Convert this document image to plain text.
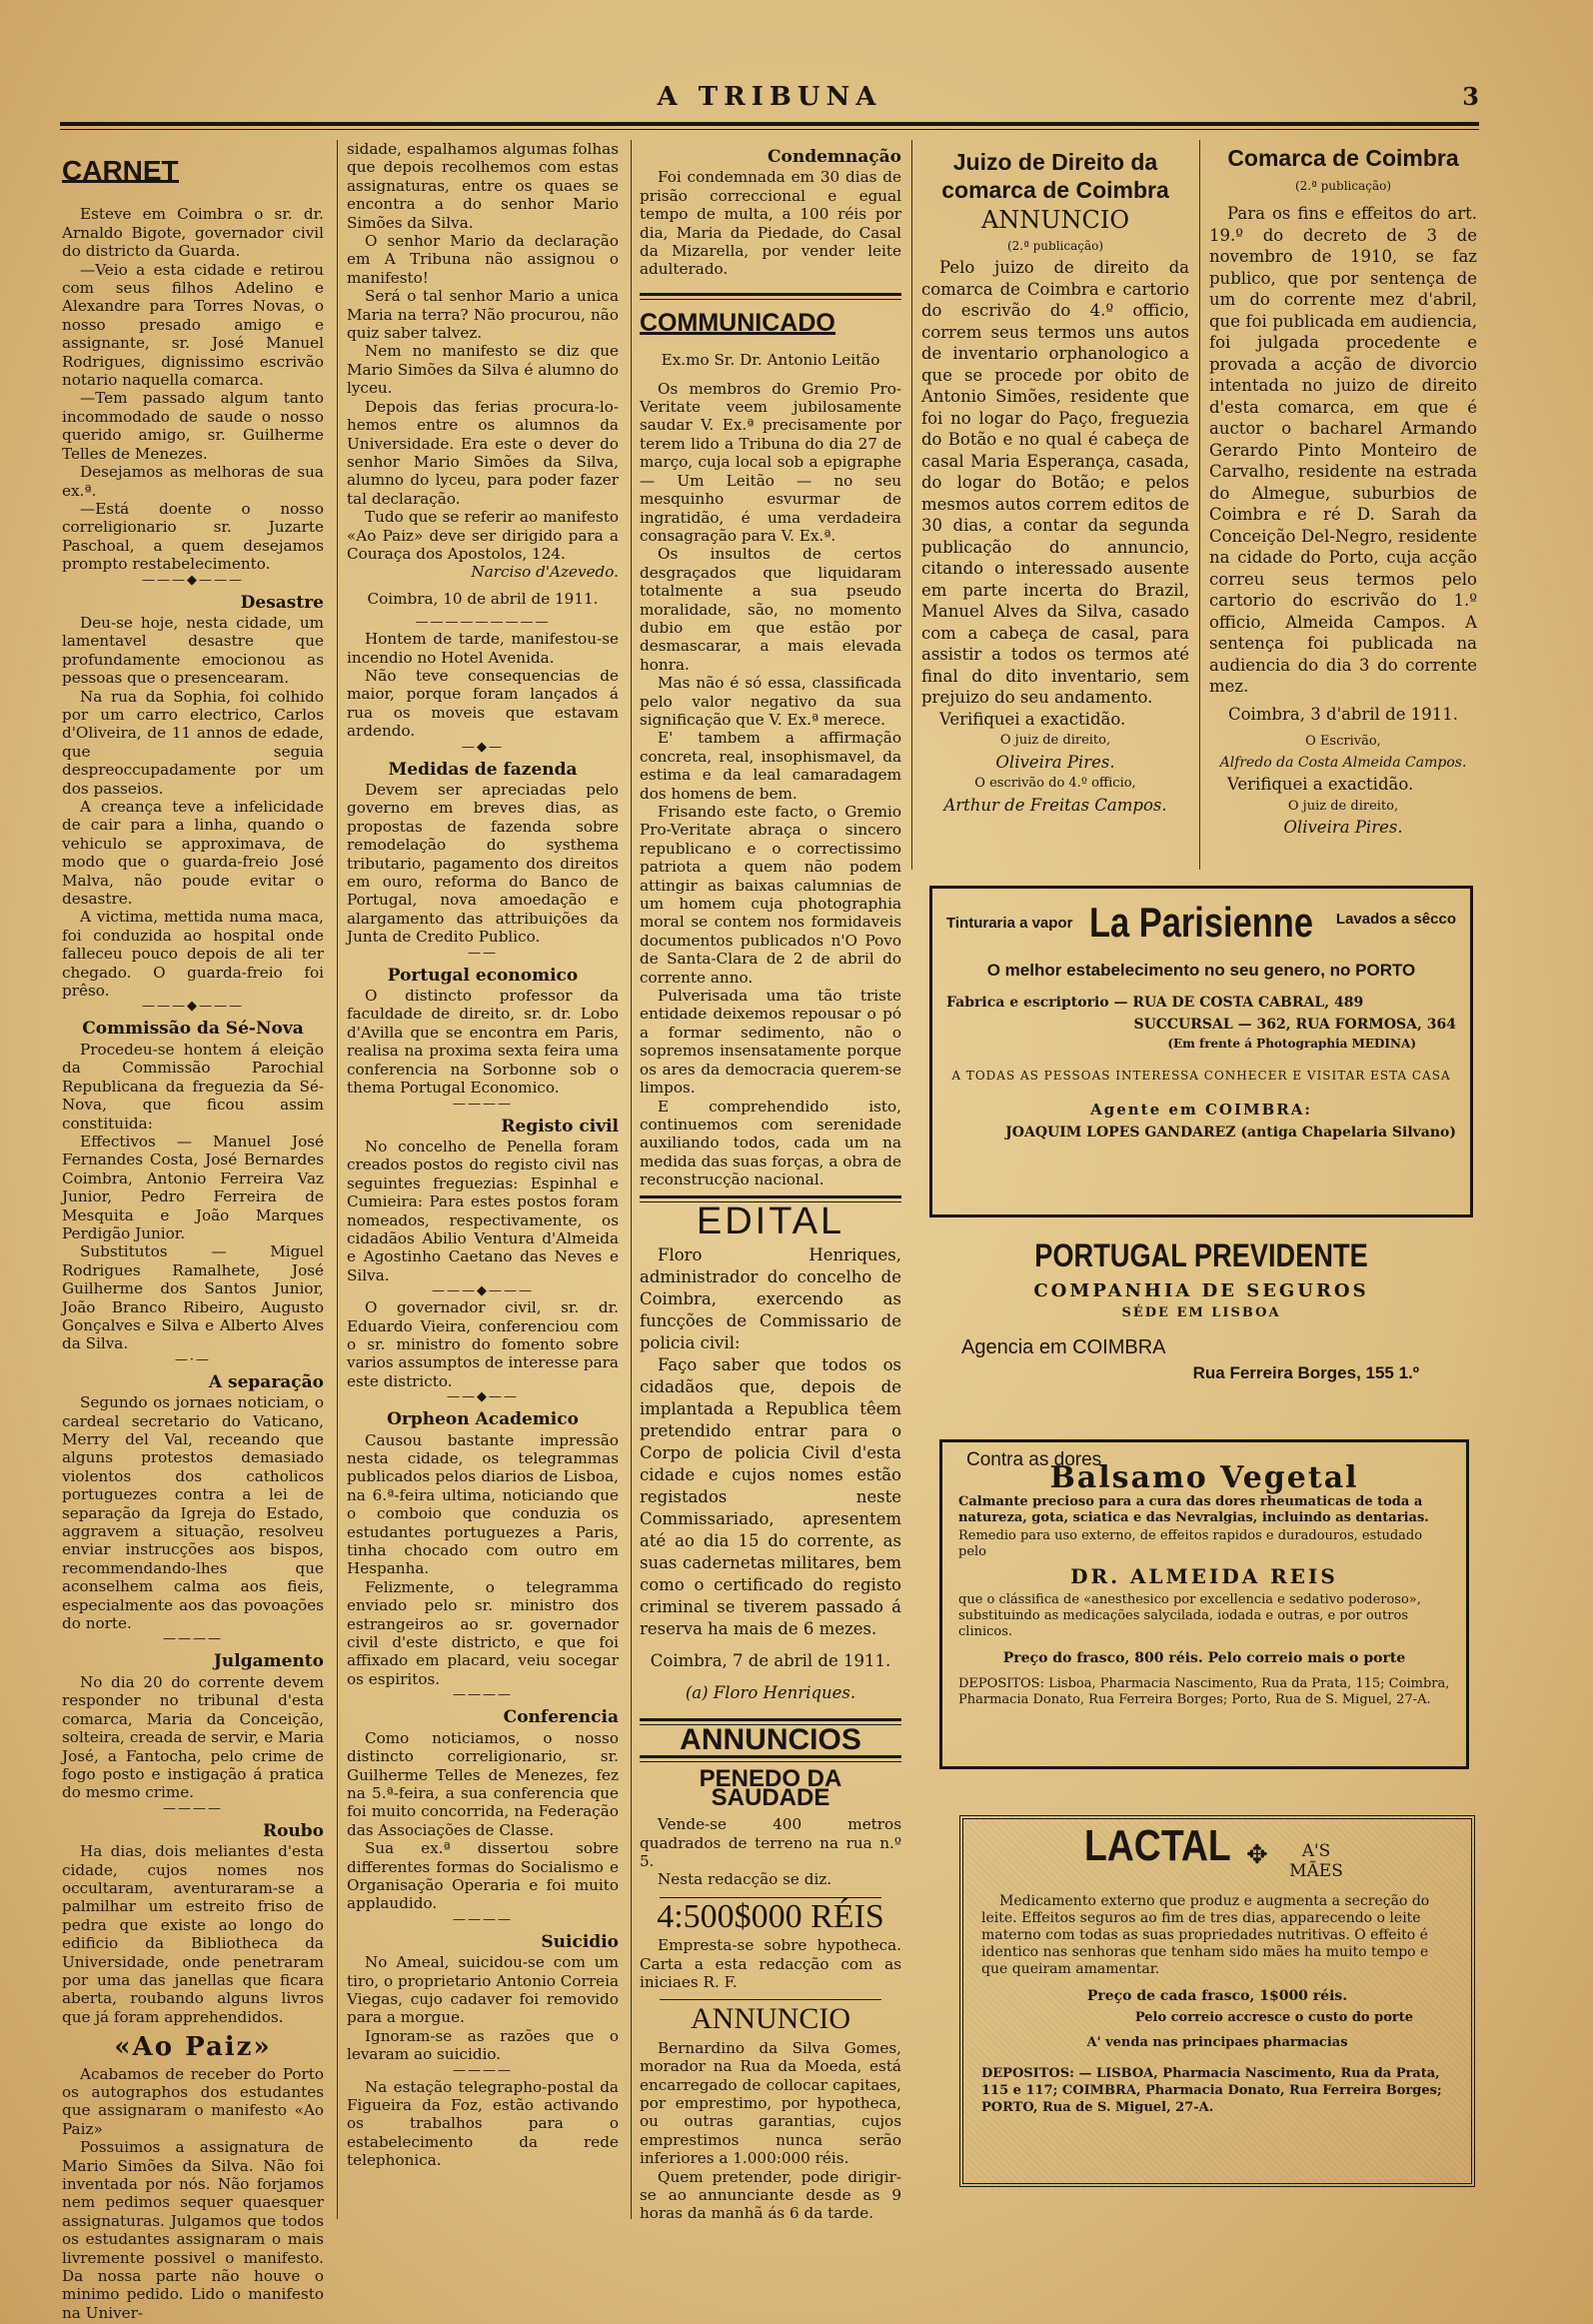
A TRIBUNA	3
CARNET

Esteve em Coimbra o sr. dr. Arnaldo Bigote, governador civil do districto da Guarda.

—Veio a esta cidade e retirou com seus filhos Adelino e Alexandre para Torres Novas, o nosso presado amigo e assignante, sr. José Manuel Rodrigues, dignissimo escrivão notario naquella comarca.

—Tem passado algum tanto incommodado de saude o nosso querido amigo, sr. Guilherme Telles de Menezes.

Desejamos as melhoras de sua ex.ª.

—Está doente o nosso correligionario sr. Juzarte Paschoal, a quem desejamos prompto restabelecimento.

———◆———
Desastre

Deu-se hoje, nesta cidade, um lamentavel desastre que profundamente emocionou as pessoas que o presencearam.

Na rua da Sophia, foi colhido por um carro electrico, Carlos d'Oliveira, de 11 annos de edade, que seguia despreoccupadamente por um dos passeios.

A creança teve a infelicidade de cair para a linha, quando o vehiculo se approximava, de modo que o guarda-freio José Malva, não poude evitar o desastre.

A victima, mettida numa maca, foi conduzida ao hospital onde falleceu pouco depois de ali ter chegado. O guarda-freio foi prêso.

———◆———
Commissão da Sé-Nova

Procedeu-se hontem á eleição da Commissão Parochial Republicana da freguezia da Sé-Nova, que ficou assim constituida:

Effectivos — Manuel José Fernandes Costa, José Bernardes Coimbra, Antonio Ferreira Vaz Junior, Pedro Ferreira de Mesquita e João Marques Perdigão Junior.

Substitutos — Miguel Rodrigues Ramalhete, José Guilherme dos Santos Junior, João Branco Ribeiro, Augusto Gonçalves e Silva e Alberto Alves da Silva.

—·—
A separação

Segundo os jornaes noticiam, o cardeal secretario do Vaticano, Merry del Val, receando que alguns protestos demasiado violentos dos catholicos portuguezes contra a lei de separação da Igreja do Estado, aggravem a situação, resolveu enviar instrucções aos bispos, recommendando-lhes que aconselhem calma aos fieis, especialmente aos das povoações do norte.

————
Julgamento

No dia 20 do corrente devem responder no tribunal d'esta comarca, Maria da Conceição, solteira, creada de servir, e Maria José, a Fantocha, pelo crime de fogo posto e instigação á pratica do mesmo crime.

————
Roubo

Ha dias, dois meliantes d'esta cidade, cujos nomes nos occultaram, aventuraram-se a palmilhar um estreito friso de pedra que existe ao longo do edificio da Bibliotheca da Universidade, onde penetraram por uma das janellas que ficara aberta, roubando alguns livros que já foram apprehendidos.

«Ao Paiz»

Acabamos de receber do Porto os autographos dos estudantes que assignaram o manifesto «Ao Paiz»

Possuimos a assignatura de Mario Simões da Silva. Não foi inventada por nós. Não forjamos nem pedimos sequer quaesquer assignaturas. Julgamos que todos os estudantes assignaram o mais livremente possivel o manifesto. Da nossa parte não houve o minimo pedido. Lido o manifesto na Univer-

sidade, espalhamos algumas folhas que depois recolhemos com estas assignaturas, entre os quaes se encontra a do senhor Mario Simões da Silva.

O senhor Mario da declaração em A Tribuna não assignou o manifesto!

Será o tal senhor Mario a unica Maria na terra? Não procurou, não quiz saber talvez.

Nem no manifesto se diz que Mario Simões da Silva é alumno do lyceu.

Depois das ferias procura-lo-hemos entre os alumnos da Universidade. Era este o dever do senhor Mario Simões da Silva, alumno do lyceu, para poder fazer tal declaração.

Tudo que se referir ao manifesto «Ao Paiz» deve ser dirigido para a Couraça dos Apostolos, 124.

Narciso d'Azevedo.
Coimbra, 10 de abril de 1911.
—————————

Hontem de tarde, manifestou-se incendio no Hotel Avenida.

Não teve consequencias de maior, porque foram lançados á rua os moveis que estavam ardendo.

—◆—
Medidas de fazenda

Devem ser apreciadas pelo governo em breves dias, as propostas de fazenda sobre remodelação do systhema tributario, pagamento dos direitos em ouro, reforma do Banco de Portugal, nova amoedação e alargamento das attribuições da Junta de Credito Publico.

——
Portugal economico

O distincto professor da faculdade de direito, sr. dr. Lobo d'Avilla que se encontra em Paris, realisa na proxima sexta feira uma conferencia na Sorbonne sob o thema Portugal Economico.

————
Registo civil

No concelho de Penella foram creados postos do registo civil nas seguintes freguezias: Espinhal e Cumieira: Para estes postos foram nomeados, respectivamente, os cidadãos Abilio Ventura d'Almeida e Agostinho Caetano das Neves e Silva.

———◆———

O governador civil, sr. dr. Eduardo Vieira, conferenciou com o sr. ministro do fomento sobre varios assumptos de interesse para este districto.

——◆——
Orpheon Academico

Causou bastante impressão nesta cidade, os telegrammas publicados pelos diarios de Lisboa, na 6.ª-feira ultima, noticiando que o comboio que conduzia os estudantes portuguezes a Paris, tinha chocado com outro em Hespanha.

Felizmente, o telegramma enviado pelo sr. ministro dos estrangeiros ao sr. governador civil d'este districto, e que foi affixado em placard, veiu socegar os espiritos.

————
Conferencia

Como noticiamos, o nosso distincto correligionario, sr. Guilherme Telles de Menezes, fez na 5.ª-feira, a sua conferencia que foi muito concorrida, na Federação das Associações de Classe.

Sua ex.ª dissertou sobre differentes formas do Socialismo e Organisação Operaria e foi muito applaudido.

————
Suicidio

No Ameal, suicidou-se com um tiro, o proprietario Antonio Correia Viegas, cujo cadaver foi removido para a morgue.

Ignoram-se as razões que o levaram ao suicidio.

————

Na estação telegrapho-postal da Figueira da Foz, estão activando os trabalhos para o estabelecimento da rede telephonica.

Condemnação

Foi condemnada em 30 dias de prisão correccional e egual tempo de multa, a 100 réis por dia, Maria da Piedade, do Casal da Mizarella, por vender leite adulterado.

COMMUNICADO
Ex.mo Sr. Dr. Antonio Leitão

Os membros do Gremio Pro-Veritate veem jubilosamente saudar V. Ex.ª precisamente por terem lido a Tribuna do dia 27 de março, cuja local sob a epigraphe — Um Leitão — no seu mesquinho esvurmar de ingratidão, é uma verdadeira consagração para V. Ex.ª.

Os insultos de certos desgraçados que liquidaram totalmente a sua pseudo moralidade, são, no momento dubio em que estão por desmascarar, a mais elevada honra.

Mas não é só essa, classificada pelo valor negativo da sua significação que V. Ex.ª merece.

E' tambem a affirmação concreta, real, insophismavel, da estima e da leal camaradagem dos homens de bem.

Frisando este facto, o Gremio Pro-Veritate abraça o sincero republicano e o correctissimo patriota a quem não podem attingir as baixas calumnias de um homem cuja photographia moral se contem nos formidaveis documentos publicados n'O Povo de Santa-Clara de 2 de abril do corrente anno.

Pulverisada uma tão triste entidade deixemos repousar o pó a formar sedimento, não o sopremos insensatamente porque os ares da democracia querem-se limpos.

E comprehendido isto, continuemos com serenidade auxiliando todos, cada um na medida das suas forças, a obra de reconstrucção nacional.

EDITAL

Floro Henriques, administrador do concelho de Coimbra, exercendo as funcções de Commissario de policia civil:

Faço saber que todos os cidadãos que, depois de implantada a Republica têem pretendido entrar para o Corpo de policia Civil d'esta cidade e cujos nomes estão registados neste Commissariado, apresentem até ao dia 15 do corrente, as suas cadernetas militares, bem como o certificado do registo criminal se tiverem passado á reserva ha mais de 6 mezes.

Coimbra, 7 de abril de 1911.
(a) Floro Henriques.
ANNUNCIOS
PENEDO DA SAUDADE

Vende-se 400 metros quadrados de terreno na rua n.º 5.

Nesta redacção se diz.

4:500$000 RÉIS

Empresta-se sobre hypotheca. Carta a esta redacção com as iniciaes R. F.

ANNUNCIO

Bernardino da Silva Gomes, morador na Rua da Moeda, está encarregado de collocar capitaes, por emprestimo, por hypotheca, ou outras garantias, cujos emprestimos nunca serão inferiores a 1.000:000 réis.

Quem pretender, pode dirigir-se ao annunciante desde as 9 horas da manhã ás 6 da tarde.

Juizo de Direito da comarca de Coimbra
ANNUNCIO
(2.ª publicação)

Pelo juizo de direito da comarca de Coimbra e cartorio do escrivão do 4.º officio, correm seus termos uns autos de inventario orphanologico a que se procede por obito de Antonio Simões, residente que foi no logar do Paço, freguezia do Botão e no qual é cabeça de casal Maria Esperança, casada, do logar do Botão; e pelos mesmos autos correm editos de 30 dias, a contar da segunda publicação do annuncio, citando o interessado ausente em parte incerta do Brazil, Manuel Alves da Silva, casado com a cabeça de casal, para assistir a todos os termos até final do dito inventario, sem prejuizo do seu andamento.

Verifiquei a exactidão.

O juiz de direito,
Oliveira Pires.
O escrivão do 4.º officio,
Arthur de Freitas Campos.
Comarca de Coimbra
(2.ª publicação)

Para os fins e effeitos do art. 19.º do decreto de 3 de novembro de 1910, se faz publico, que por sentença de um do corrente mez d'abril, que foi publicada em audiencia, foi julgada procedente e provada a acção de divorcio intentada no juizo de direito d'esta comarca, em que é auctor o bacharel Armando Gerardo Pinto Monteiro de Carvalho, residente na estrada do Almegue, suburbios de Coimbra e ré D. Sarah da Conceição Del-Negro, residente na cidade do Porto, cuja acção correu seus termos pelo cartorio do escrivão do 1.º officio, Almeida Campos. A sentença foi publicada na audiencia do dia 3 do corrente mez.

Coimbra, 3 d'abril de 1911.
O Escrivão,
Alfredo da Costa Almeida Campos.

Verifiquei a exactidão.

O juiz de direito,
Oliveira Pires.
Tinturaria a vapor La Parisienne	Lavados a sêcco
O melhor estabelecimento no seu genero, no PORTO
Fabrica e escriptorio — RUA DE COSTA CABRAL, 489
SUCCURSAL — 362, RUA FORMOSA, 364
(Em frente á Photographia MEDINA)
A TODAS AS PESSOAS INTERESSA CONHECER E VISITAR ESTA CASA
Agente em COIMBRA:
JOAQUIM LOPES GANDAREZ (antiga Chapelaria Silvano)
PORTUGAL PREVIDENTE
COMPANHIA DE SEGUROS
SÉDE EM LISBOA
Agencia em COIMBRA
Rua Ferreira Borges, 155 1.º
Contra as dores
Balsamo Vegetal
Calmante precioso para a cura das dores rheumaticas de toda a natureza, gota, sciatica e das Nevralgias, incluindo as dentarias.
Remedio para uso externo, de effeitos rapidos e duradouros, estudado pelo
DR. ALMEIDA REIS
que o clássifica de «anesthesico por excellencia e sedativo poderoso», substituindo as medicações salycilada, iodada e outras, e por outros clinicos.
Preço do frasco, 800 réis. Pelo correio mais o porte
DEPOSITOS: Lisboa, Pharmacia Nascimento, Rua da Prata, 115; Coimbra, Pharmacia Donato, Rua Ferreira Borges; Porto, Rua de S. Miguel, 27-A.
LACTAL ✥	A'S MÃES
Medicamento externo que produz e augmenta a secreção do leite. Effeitos seguros ao fim de tres dias, apparecendo o leite materno com todas as suas propriedades nutritivas. O effeito é identico nas senhoras que tenham sido mães ha muito tempo e que queiram amamentar.
Preço de cada frasco, 1$000 réis.
Pelo correio accresce o custo do porte
A' venda nas principaes pharmacias
DEPOSITOS: — LISBOA, Pharmacia Nascimento, Rua da Prata, 115 e 117; COIMBRA, Pharmacia Donato, Rua Ferreira Borges; PORTO, Rua de S. Miguel, 27-A.
